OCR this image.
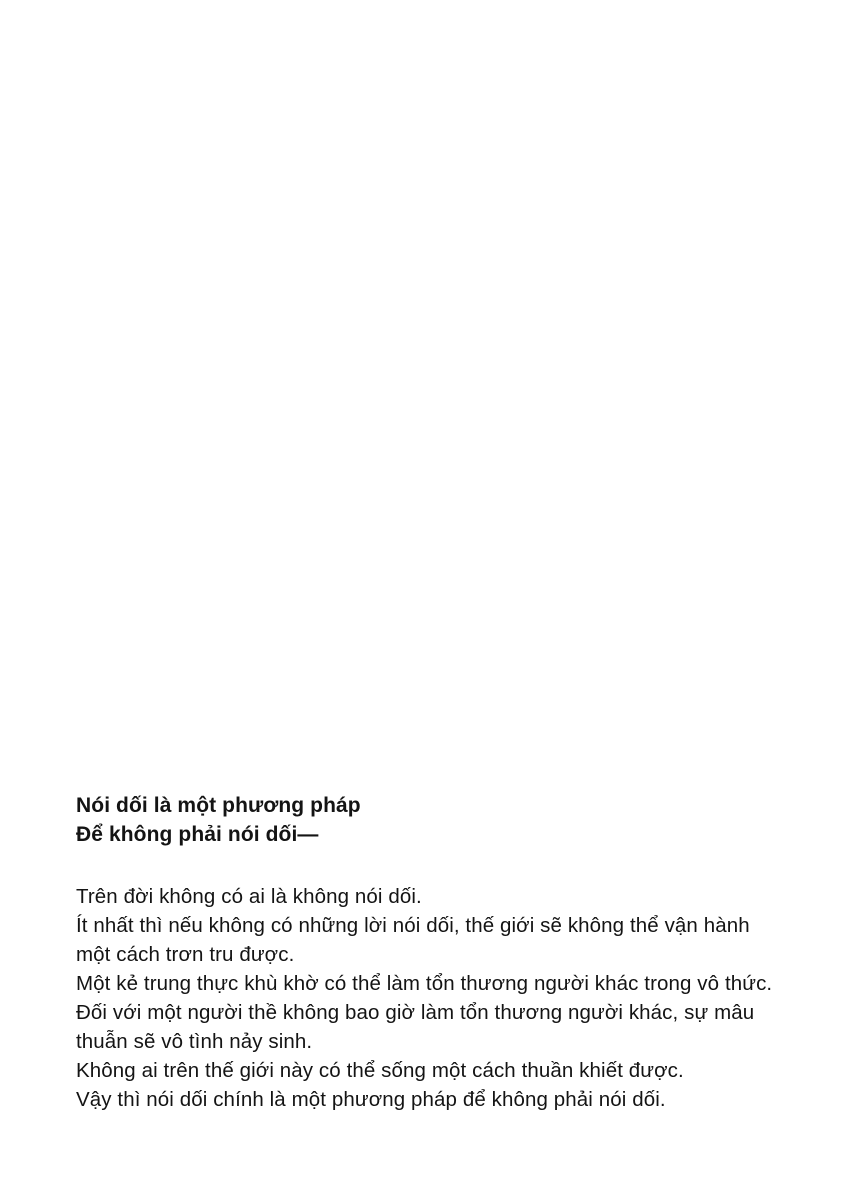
Nói dối là một phương pháp
Để không phải nói dối—
Trên đời không có ai là không nói dối.
Ít nhất thì nếu không có những lời nói dối, thế giới sẽ không thể vận hành
một cách trơn tru được.
Một kẻ trung thực khù khờ có thể làm tổn thương người khác trong vô thức.
Đối với một người thề không bao giờ làm tổn thương người khác, sự mâu
thuẫn sẽ vô tình nảy sinh.
Không ai trên thế giới này có thể sống một cách thuần khiết được.
Vậy thì nói dối chính là một phương pháp để không phải nói dối.
